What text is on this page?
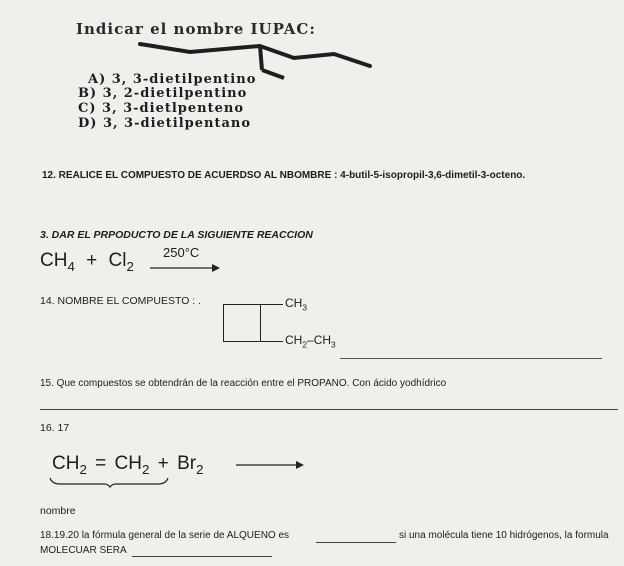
Indicar el nombre IUPAC:
A) 3, 3-dietilpentino
B) 3, 2-dietilpentino
C) 3, 3-dietlpenteno
D) 3, 3-dietilpentano
12. REALICE EL COMPUESTO DE ACUERDSO AL NBOMBRE : 4-butil-5-isopropil-3,6-dimetil-3-octeno.
3. DAR EL PRPODUCTO DE LA SIGUIENTE REACCION
$CH_4 + Cl_2$
250°C
14. NOMBRE EL COMPUESTO : .	$CH_3$
$CH_2-CH_3$
15. Que compuestos se obtendrán de la reacción entre el PROPANO. Con ácido yodhídrico
16. 17
$CH_2 = CH_2 + Br_2$
nombre
18.19.20 la fórmula general de la serie de ALQUENO es	si una molécula tiene 10 hidrógenos, la formula
MOLECUAR SERA
